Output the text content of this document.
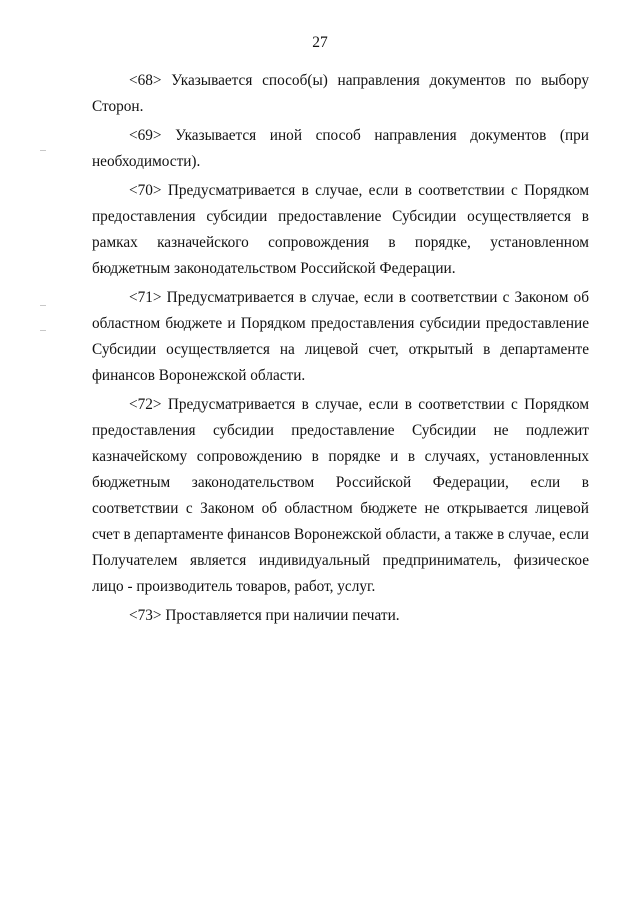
27

<68> Указывается способ(ы) направления документов по выбору Сторон.

<69> Указывается иной способ направления документов (при необходимости).

<70> Предусматривается в случае, если в соответствии с Порядком предоставления субсидии предоставление Субсидии осуществляется в рамках казначейского сопровождения в порядке, установленном бюджетным законодательством Российской Федерации.

<71> Предусматривается в случае, если в соответствии с Законом об областном бюджете и Порядком предоставления субсидии предоставление Субсидии осуществляется на лицевой счет, открытый в департаменте финансов Воронежской области.

<72> Предусматривается в случае, если в соответствии с Порядком предоставления субсидии предоставление Субсидии не подлежит казначейскому сопровождению в порядке и в случаях, установленных бюджетным законодательством Российской Федерации, если в соответствии с Законом об областном бюджете не открывается лицевой счет в департаменте финансов Воронежской области, а также в случае, если Получателем является индивидуальный предприниматель, физическое лицо - производитель товаров, работ, услуг.

<73> Проставляется при наличии печати.
